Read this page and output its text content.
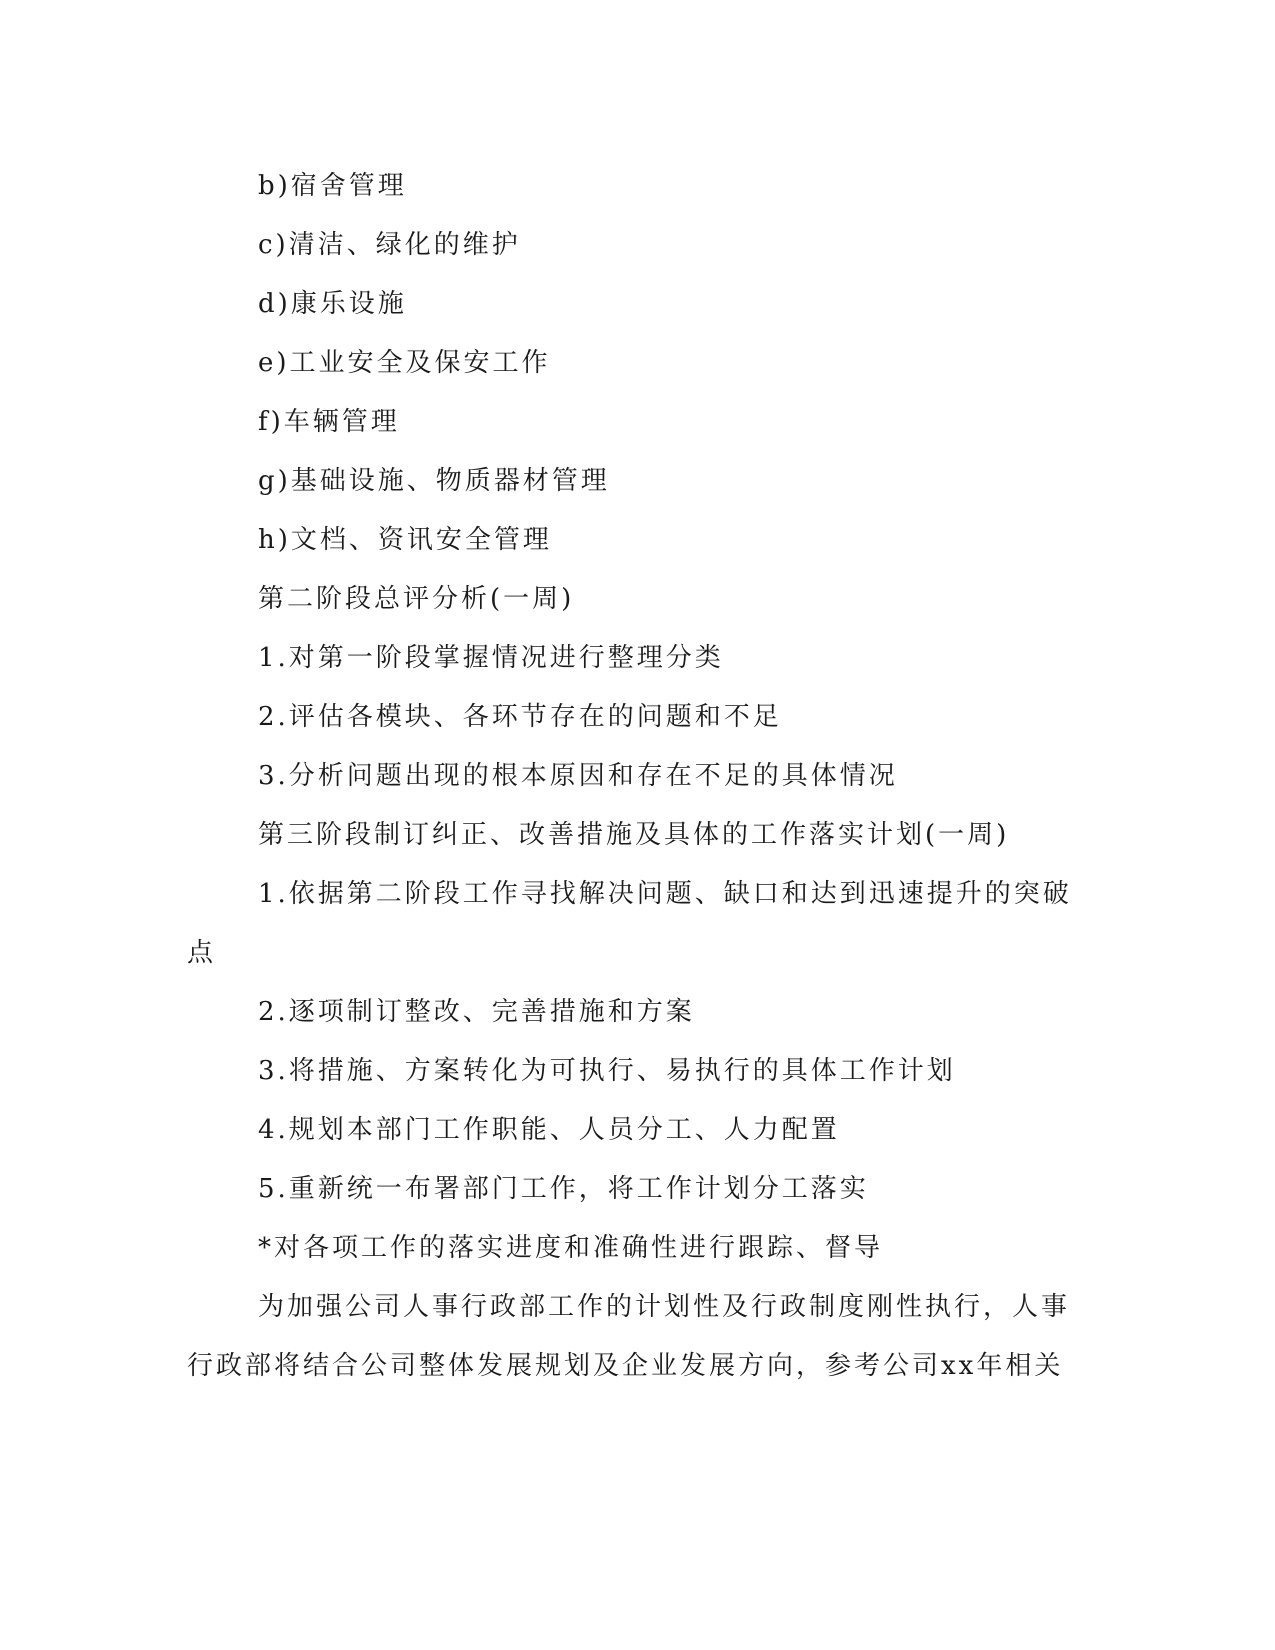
b)宿舍管理

c)清洁、绿化的维护

d)康乐设施

e)工业安全及保安工作

f)车辆管理

g)基础设施、物质器材管理

h)文档、资讯安全管理

第二阶段总评分析(一周)

1.对第一阶段掌握情况进行整理分类

2.评估各模块、各环节存在的问题和不足

3.分析问题出现的根本原因和存在不足的具体情况

第三阶段制订纠正、改善措施及具体的工作落实计划(一周)

1.依据第二阶段工作寻找解决问题、缺口和达到迅速提升的突破

点

2.逐项制订整改、完善措施和方案

3.将措施、方案转化为可执行、易执行的具体工作计划

4.规划本部门工作职能、人员分工、人力配置

5.重新统一布署部门工作，将工作计划分工落实

*对各项工作的落实进度和准确性进行跟踪、督导

为加强公司人事行政部工作的计划性及行政制度刚性执行，人事

行政部将结合公司整体发展规划及企业发展方向，参考公司xx年相关
